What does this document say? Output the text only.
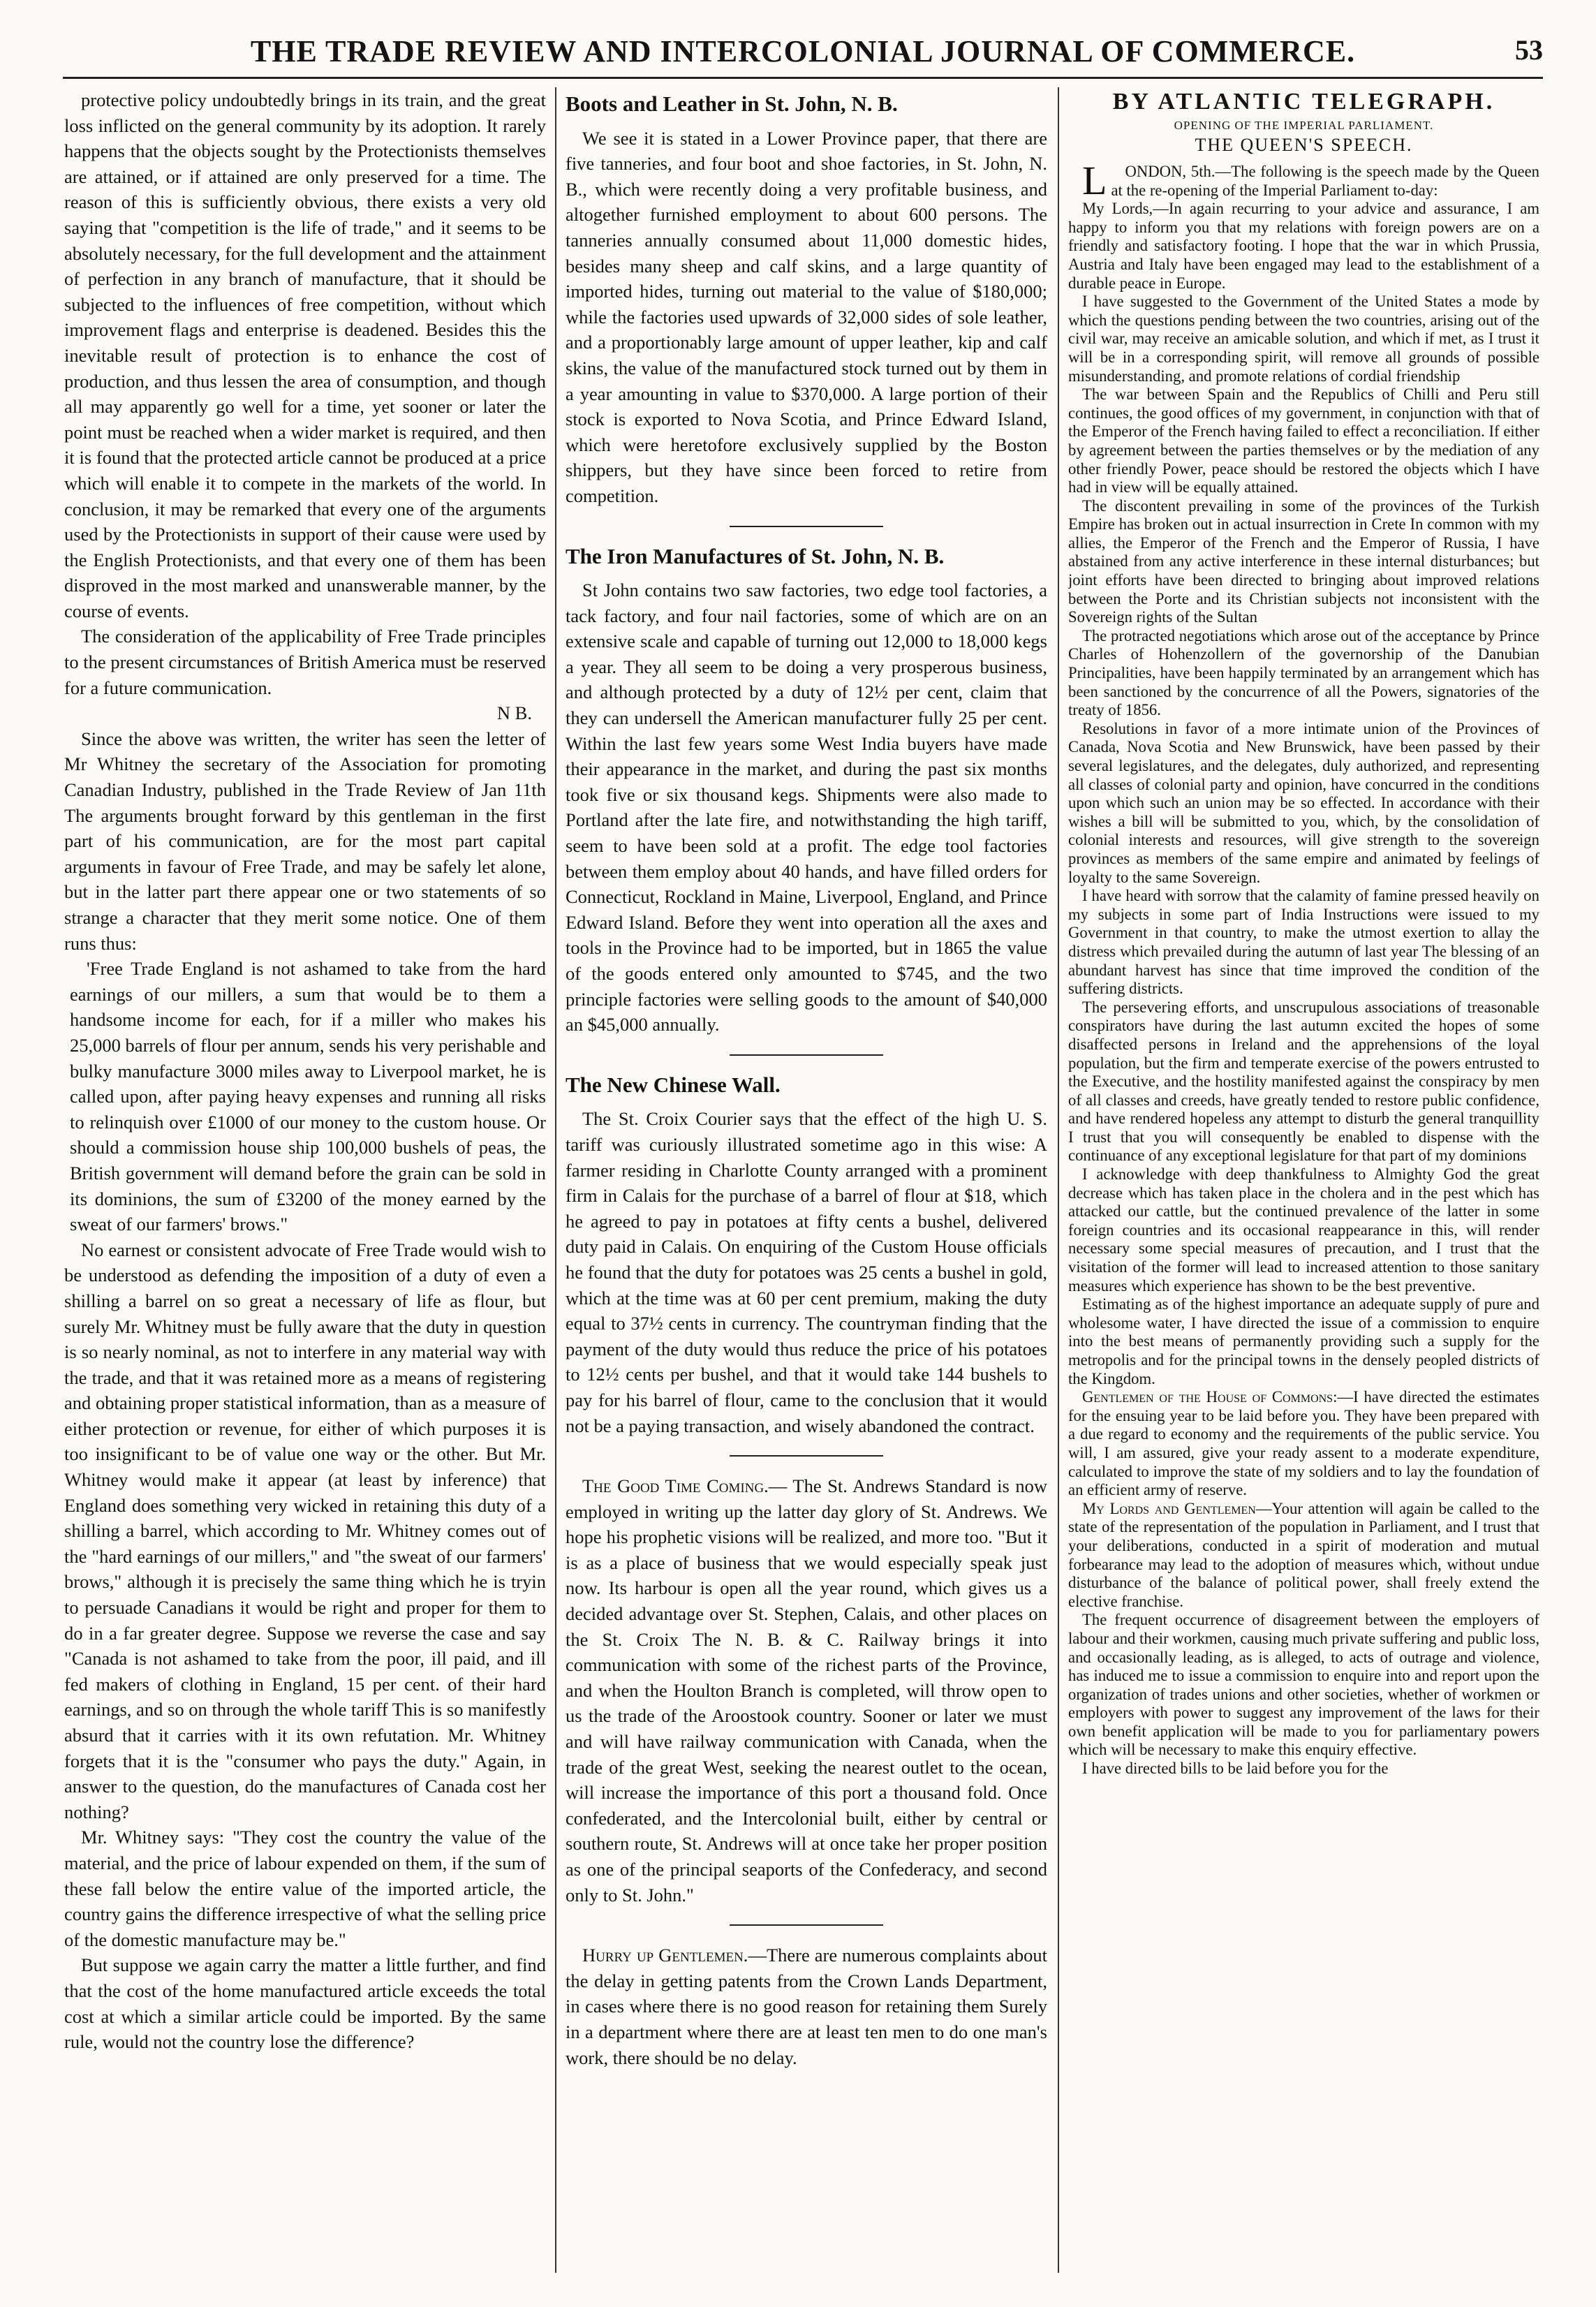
THE TRADE REVIEW AND INTERCOLONIAL JOURNAL OF COMMERCE.	53

protective policy undoubtedly brings in its train, and the great loss inflicted on the general community by its adoption. It rarely happens that the objects sought by the Protectionists themselves are attained, or if attained are only preserved for a time. The reason of this is sufficiently obvious, there exists a very old saying that "competition is the life of trade," and it seems to be absolutely necessary, for the full development and the attainment of perfection in any branch of manufacture, that it should be subjected to the influences of free competition, without which improvement flags and enterprise is deadened. Besides this the inevitable result of protection is to enhance the cost of production, and thus lessen the area of consumption, and though all may apparently go well for a time, yet sooner or later the point must be reached when a wider market is required, and then it is found that the protected article cannot be produced at a price which will enable it to compete in the markets of the world. In conclusion, it may be remarked that every one of the arguments used by the Protectionists in support of their cause were used by the English Protectionists, and that every one of them has been disproved in the most marked and unanswerable manner, by the course of events.

The consideration of the applicability of Free Trade principles to the present circumstances of British America must be reserved for a future communication.

N B.

Since the above was written, the writer has seen the letter of Mr Whitney the secretary of the Association for promoting Canadian Industry, published in the Trade Review of Jan 11th The arguments brought forward by this gentleman in the first part of his communication, are for the most part capital arguments in favour of Free Trade, and may be safely let alone, but in the latter part there appear one or two statements of so strange a character that they merit some notice. One of them runs thus:

'Free Trade England is not ashamed to take from the hard earnings of our millers, a sum that would be to them a handsome income for each, for if a miller who makes his 25,000 barrels of flour per annum, sends his very perishable and bulky manufacture 3000 miles away to Liverpool market, he is called upon, after paying heavy expenses and running all risks to relinquish over £1000 of our money to the custom house. Or should a commission house ship 100,000 bushels of peas, the British government will demand before the grain can be sold in its dominions, the sum of £3200 of the money earned by the sweat of our farmers' brows."

No earnest or consistent advocate of Free Trade would wish to be understood as defending the imposition of a duty of even a shilling a barrel on so great a necessary of life as flour, but surely Mr. Whitney must be fully aware that the duty in question is so nearly nominal, as not to interfere in any material way with the trade, and that it was retained more as a means of registering and obtaining proper statistical information, than as a measure of either protection or revenue, for either of which purposes it is too insignificant to be of value one way or the other. But Mr. Whitney would make it appear (at least by inference) that England does something very wicked in retaining this duty of a shilling a barrel, which according to Mr. Whitney comes out of the "hard earnings of our millers," and "the sweat of our farmers' brows," although it is precisely the same thing which he is tryin to persuade Canadians it would be right and proper for them to do in a far greater degree. Suppose we reverse the case and say "Canada is not ashamed to take from the poor, ill paid, and ill fed makers of clothing in England, 15 per cent. of their hard earnings, and so on through the whole tariff This is so manifestly absurd that it carries with it its own refutation. Mr. Whitney forgets that it is the "consumer who pays the duty." Again, in answer to the question, do the manufactures of Canada cost her nothing?

Mr. Whitney says: "They cost the country the value of the material, and the price of labour expended on them, if the sum of these fall below the entire value of the imported article, the country gains the difference irrespective of what the selling price of the domestic manufacture may be."

But suppose we again carry the matter a little further, and find that the cost of the home manufactured article exceeds the total cost at which a similar article could be imported. By the same rule, would not the country lose the difference?

Boots and Leather in St. John, N. B.

We see it is stated in a Lower Province paper, that there are five tanneries, and four boot and shoe factories, in St. John, N. B., which were recently doing a very profitable business, and altogether furnished employment to about 600 persons. The tanneries annually consumed about 11,000 domestic hides, besides many sheep and calf skins, and a large quantity of imported hides, turning out material to the value of $180,000; while the factories used upwards of 32,000 sides of sole leather, and a proportionably large amount of upper leather, kip and calf skins, the value of the manufactured stock turned out by them in a year amounting in value to $370,000. A large portion of their stock is exported to Nova Scotia, and Prince Edward Island, which were heretofore exclusively supplied by the Boston shippers, but they have since been forced to retire from competition.

The Iron Manufactures of St. John, N. B.

St John contains two saw factories, two edge tool factories, a tack factory, and four nail factories, some of which are on an extensive scale and capable of turning out 12,000 to 18,000 kegs a year. They all seem to be doing a very prosperous business, and although protected by a duty of 12½ per cent, claim that they can undersell the American manufacturer fully 25 per cent. Within the last few years some West India buyers have made their appearance in the market, and during the past six months took five or six thousand kegs. Shipments were also made to Portland after the late fire, and notwithstanding the high tariff, seem to have been sold at a profit. The edge tool factories between them employ about 40 hands, and have filled orders for Connecticut, Rockland in Maine, Liverpool, England, and Prince Edward Island. Before they went into operation all the axes and tools in the Province had to be imported, but in 1865 the value of the goods entered only amounted to $745, and the two principle factories were selling goods to the amount of $40,000 an $45,000 annually.

The New Chinese Wall.

The St. Croix Courier says that the effect of the high U. S. tariff was curiously illustrated sometime ago in this wise: A farmer residing in Charlotte County arranged with a prominent firm in Calais for the purchase of a barrel of flour at $18, which he agreed to pay in potatoes at fifty cents a bushel, delivered duty paid in Calais. On enquiring of the Custom House officials he found that the duty for potatoes was 25 cents a bushel in gold, which at the time was at 60 per cent premium, making the duty equal to 37½ cents in currency. The countryman finding that the payment of the duty would thus reduce the price of his potatoes to 12½ cents per bushel, and that it would take 144 bushels to pay for his barrel of flour, came to the conclusion that it would not be a paying transaction, and wisely abandoned the contract.

The Good Time Coming.— The St. Andrews Standard is now employed in writing up the latter day glory of St. Andrews. We hope his prophetic visions will be realized, and more too. "But it is as a place of business that we would especially speak just now. Its harbour is open all the year round, which gives us a decided advantage over St. Stephen, Calais, and other places on the St. Croix The N. B. & C. Railway brings it into communication with some of the richest parts of the Province, and when the Houlton Branch is completed, will throw open to us the trade of the Aroostook country. Sooner or later we must and will have railway communication with Canada, when the trade of the great West, seeking the nearest outlet to the ocean, will increase the importance of this port a thousand fold. Once confederated, and the Intercolonial built, either by central or southern route, St. Andrews will at once take her proper position as one of the principal seaports of the Confederacy, and second only to St. John."

Hurry up Gentlemen.—There are numerous complaints about the delay in getting patents from the Crown Lands Department, in cases where there is no good reason for retaining them Surely in a department where there are at least ten men to do one man's work, there should be no delay.

BY ATLANTIC TELEGRAPH.
OPENING OF THE IMPERIAL PARLIAMENT.
THE QUEEN'S SPEECH.

LONDON, 5th.—The following is the speech made by the Queen at the re-opening of the Imperial Parliament to-day:

My Lords,—In again recurring to your advice and assurance, I am happy to inform you that my relations with foreign powers are on a friendly and satisfactory footing. I hope that the war in which Prussia, Austria and Italy have been engaged may lead to the establishment of a durable peace in Europe.

I have suggested to the Government of the United States a mode by which the questions pending between the two countries, arising out of the civil war, may receive an amicable solution, and which if met, as I trust it will be in a corresponding spirit, will remove all grounds of possible misunderstanding, and promote relations of cordial friendship

The war between Spain and the Republics of Chilli and Peru still continues, the good offices of my government, in conjunction with that of the Emperor of the French having failed to effect a reconciliation. If either by agreement between the parties themselves or by the mediation of any other friendly Power, peace should be restored the objects which I have had in view will be equally attained.

The discontent prevailing in some of the provinces of the Turkish Empire has broken out in actual insurrection in Crete In common with my allies, the Emperor of the French and the Emperor of Russia, I have abstained from any active interference in these internal disturbances; but joint efforts have been directed to bringing about improved relations between the Porte and its Christian subjects not inconsistent with the Sovereign rights of the Sultan

The protracted negotiations which arose out of the acceptance by Prince Charles of Hohenzollern of the governorship of the Danubian Principalities, have been happily terminated by an arrangement which has been sanctioned by the concurrence of all the Powers, signatories of the treaty of 1856.

Resolutions in favor of a more intimate union of the Provinces of Canada, Nova Scotia and New Brunswick, have been passed by their several legislatures, and the delegates, duly authorized, and representing all classes of colonial party and opinion, have concurred in the conditions upon which such an union may be so effected. In accordance with their wishes a bill will be submitted to you, which, by the consolidation of colonial interests and resources, will give strength to the sovereign provinces as members of the same empire and animated by feelings of loyalty to the same Sovereign.

I have heard with sorrow that the calamity of famine pressed heavily on my subjects in some part of India Instructions were issued to my Government in that country, to make the utmost exertion to allay the distress which prevailed during the autumn of last year The blessing of an abundant harvest has since that time improved the condition of the suffering districts.

The persevering efforts, and unscrupulous associations of treasonable conspirators have during the last autumn excited the hopes of some disaffected persons in Ireland and the apprehensions of the loyal population, but the firm and temperate exercise of the powers entrusted to the Executive, and the hostility manifested against the conspiracy by men of all classes and creeds, have greatly tended to restore public confidence, and have rendered hopeless any attempt to disturb the general tranquillity I trust that you will consequently be enabled to dispense with the continuance of any exceptional legislature for that part of my dominions

I acknowledge with deep thankfulness to Almighty God the great decrease which has taken place in the cholera and in the pest which has attacked our cattle, but the continued prevalence of the latter in some foreign countries and its occasional reappearance in this, will render necessary some special measures of precaution, and I trust that the visitation of the former will lead to increased attention to those sanitary measures which experience has shown to be the best preventive.

Estimating as of the highest importance an adequate supply of pure and wholesome water, I have directed the issue of a commission to enquire into the best means of permanently providing such a supply for the metropolis and for the principal towns in the densely peopled districts of the Kingdom.

Gentlemen of the House of Commons:—I have directed the estimates for the ensuing year to be laid before you. They have been prepared with a due regard to economy and the requirements of the public service. You will, I am assured, give your ready assent to a moderate expenditure, calculated to improve the state of my soldiers and to lay the foundation of an efficient army of reserve.

My Lords and Gentlemen—Your attention will again be called to the state of the representation of the population in Parliament, and I trust that your deliberations, conducted in a spirit of moderation and mutual forbearance may lead to the adoption of measures which, without undue disturbance of the balance of political power, shall freely extend the elective franchise.

The frequent occurrence of disagreement between the employers of labour and their workmen, causing much private suffering and public loss, and occasionally leading, as is alleged, to acts of outrage and violence, has induced me to issue a commission to enquire into and report upon the organization of trades unions and other societies, whether of workmen or employers with power to suggest any improvement of the laws for their own benefit application will be made to you for parliamentary powers which will be necessary to make this enquiry effective.

I have directed bills to be laid before you for the
